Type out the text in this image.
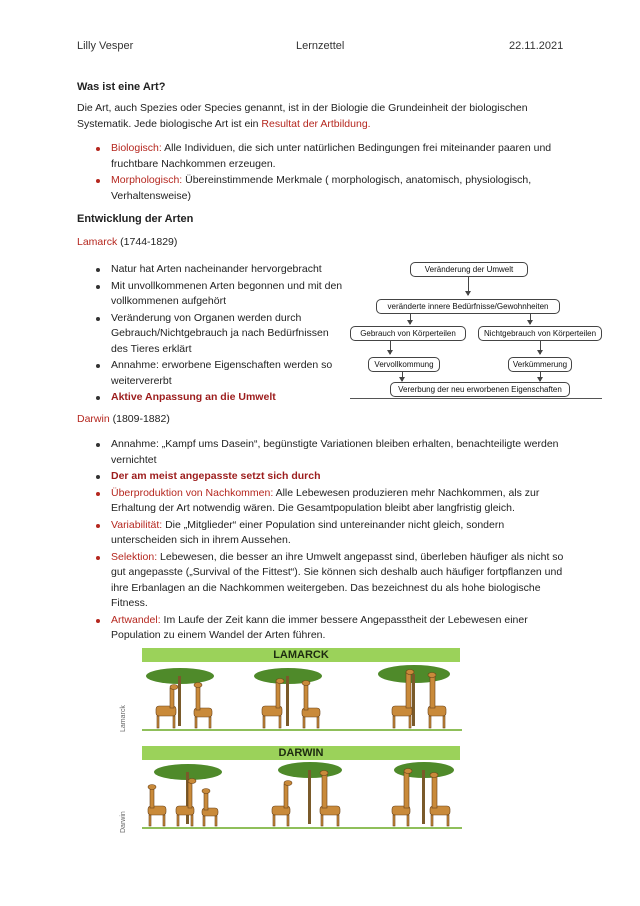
Lilly Vesper	Lernzettel	22.11.2021
Was ist eine Art?

Die Art, auch Spezies oder Species genannt, ist in der Biologie die Grundeinheit der biologischen Systematik. Jede biologische Art ist ein Resultat der Artbildung.

Biologisch: Alle Individuen, die sich unter natürlichen Bedingungen frei miteinander paaren und fruchtbare Nachkommen erzeugen.
Morphologisch: Übereinstimmende Merkmale ( morphologisch, anatomisch, physiologisch, Verhaltensweise)
Entwicklung der Arten
Lamarck (1744-1829)
Natur hat Arten nacheinander hervorgebracht
Mit unvollkommenen Arten begonnen und mit den vollkommenen aufgehört
Veränderung von Organen werden durch Gebrauch/Nichtgebrauch ja nach Bedürfnissen des Tieres erklärt
Annahme: erworbene Eigenschaften werden so weitervererbt
Aktive Anpassung an die Umwelt
Veränderung der Umwelt
veränderte innere Bedürfnisse/Gewohnheiten
Gebrauch von Körperteilen	Nichtgebrauch von Körperteilen
Vervollkommung	Verkümmerung
Vererbung der neu erworbenen Eigenschaften
Darwin (1809-1882)
Annahme: „Kampf ums Dasein“, begünstigte Variationen bleiben erhalten, benachteiligte werden vernichtet
Der am meist angepasste setzt sich durch
Überproduktion von Nachkommen: Alle Lebewesen produzieren mehr Nachkommen, als zur Erhaltung der Art notwendig wären. Die Gesamtpopulation bleibt aber langfristig gleich.
Variabilität: Die „Mitglieder“ einer Population sind untereinander nicht gleich, sondern unterscheiden sich in ihrem Aussehen.
Selektion: Lebewesen, die besser an ihre Umwelt angepasst sind, überleben häufiger als nicht so gut angepasste („Survival of the Fittest“). Sie können sich deshalb auch häufiger fortpflanzen und ihre Erbanlagen an die Nachkommen weitergeben. Das bezeichnest du als hohe biologische Fitness.
Artwandel: Im Laufe der Zeit kann die immer bessere Angepasstheit der Lebewesen einer Population zu einem Wandel der Arten führen.
LAMARCK
Lamarck
DARWIN
Darwin
